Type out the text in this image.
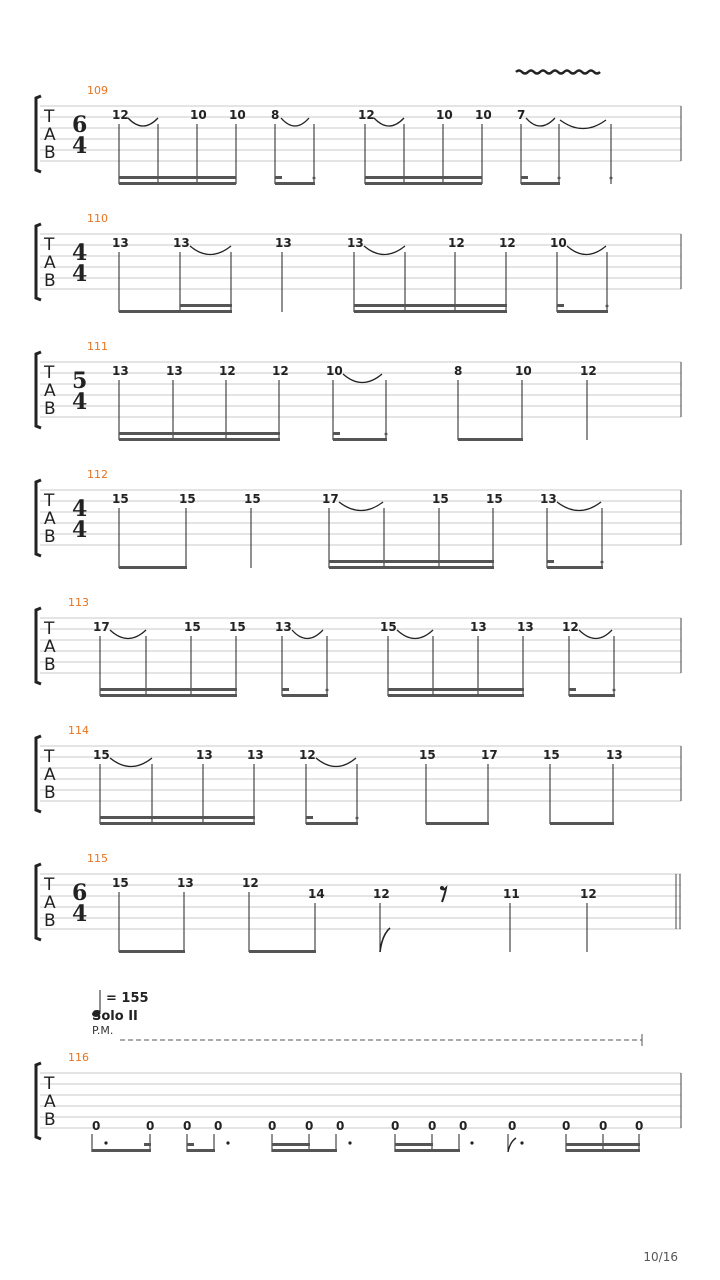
109
T
A
B
6
4
12	10 10 8	12	10 10 7
110
T
A
B
4
4
13	13	13	13	12	12	10
111
T
A
B
5
4
13	13	12	12	10	8	10	12
112
T
A
B
4
4
15	15	15	17	15	15	13
113
T
A
B
17	15 15 13	15	13	13 12
114
T
A
B
15	13	13	12	15	17	15	13
115
T
A
B
6
4
15	13	12
14	12	11	12
= 155
Solo II
P.M.
116
T
A
B	0	0 0 0	0 0 0	0 0 0	0	0 0 0
10/16
